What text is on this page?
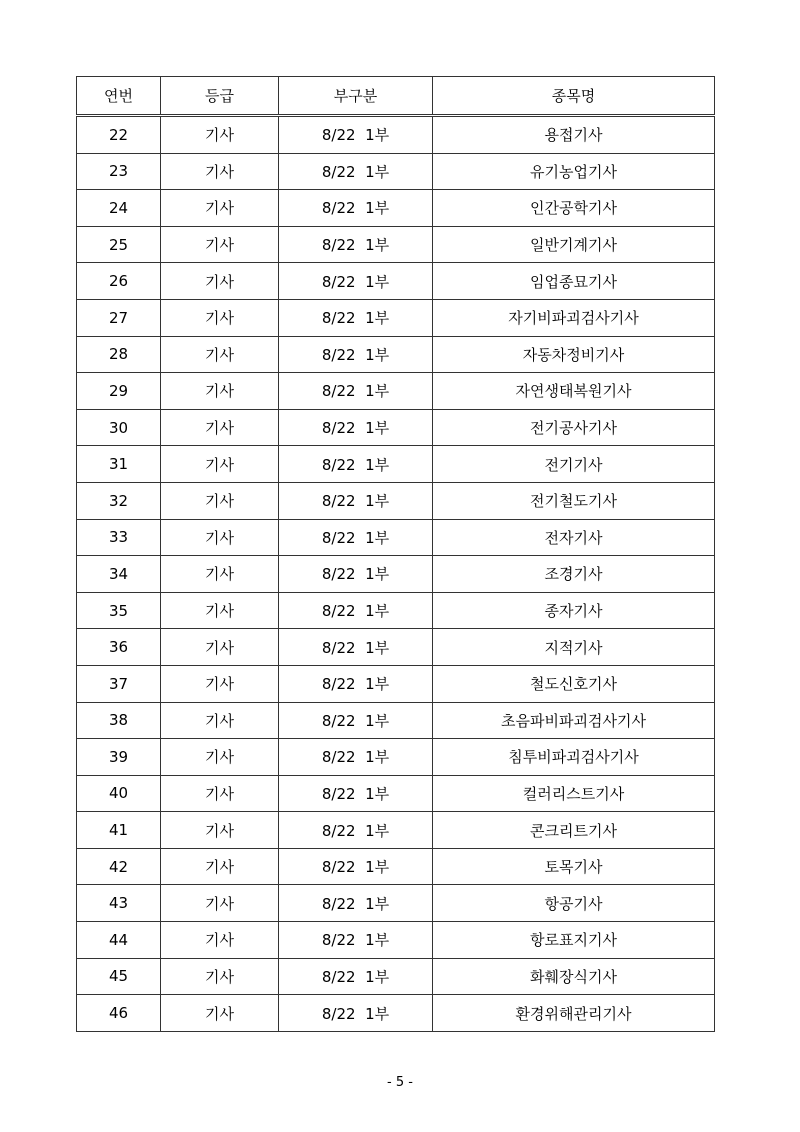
연번	등급	부구분	종목명
22	기사	8/22  1부	용접기사
23	기사	8/22  1부	유기농업기사
24	기사	8/22  1부	인간공학기사
25	기사	8/22  1부	일반기계기사
26	기사	8/22  1부	임업종묘기사
27	기사	8/22  1부	자기비파괴검사기사
28	기사	8/22  1부	자동차정비기사
29	기사	8/22  1부	자연생태복원기사
30	기사	8/22  1부	전기공사기사
31	기사	8/22  1부	전기기사
32	기사	8/22  1부	전기철도기사
33	기사	8/22  1부	전자기사
34	기사	8/22  1부	조경기사
35	기사	8/22  1부	종자기사
36	기사	8/22  1부	지적기사
37	기사	8/22  1부	철도신호기사
38	기사	8/22  1부	초음파비파괴검사기사
39	기사	8/22  1부	침투비파괴검사기사
40	기사	8/22  1부	컬러리스트기사
41	기사	8/22  1부	콘크리트기사
42	기사	8/22  1부	토목기사
43	기사	8/22  1부	항공기사
44	기사	8/22  1부	항로표지기사
45	기사	8/22  1부	화훼장식기사
46	기사	8/22  1부	환경위해관리기사
- 5 -
